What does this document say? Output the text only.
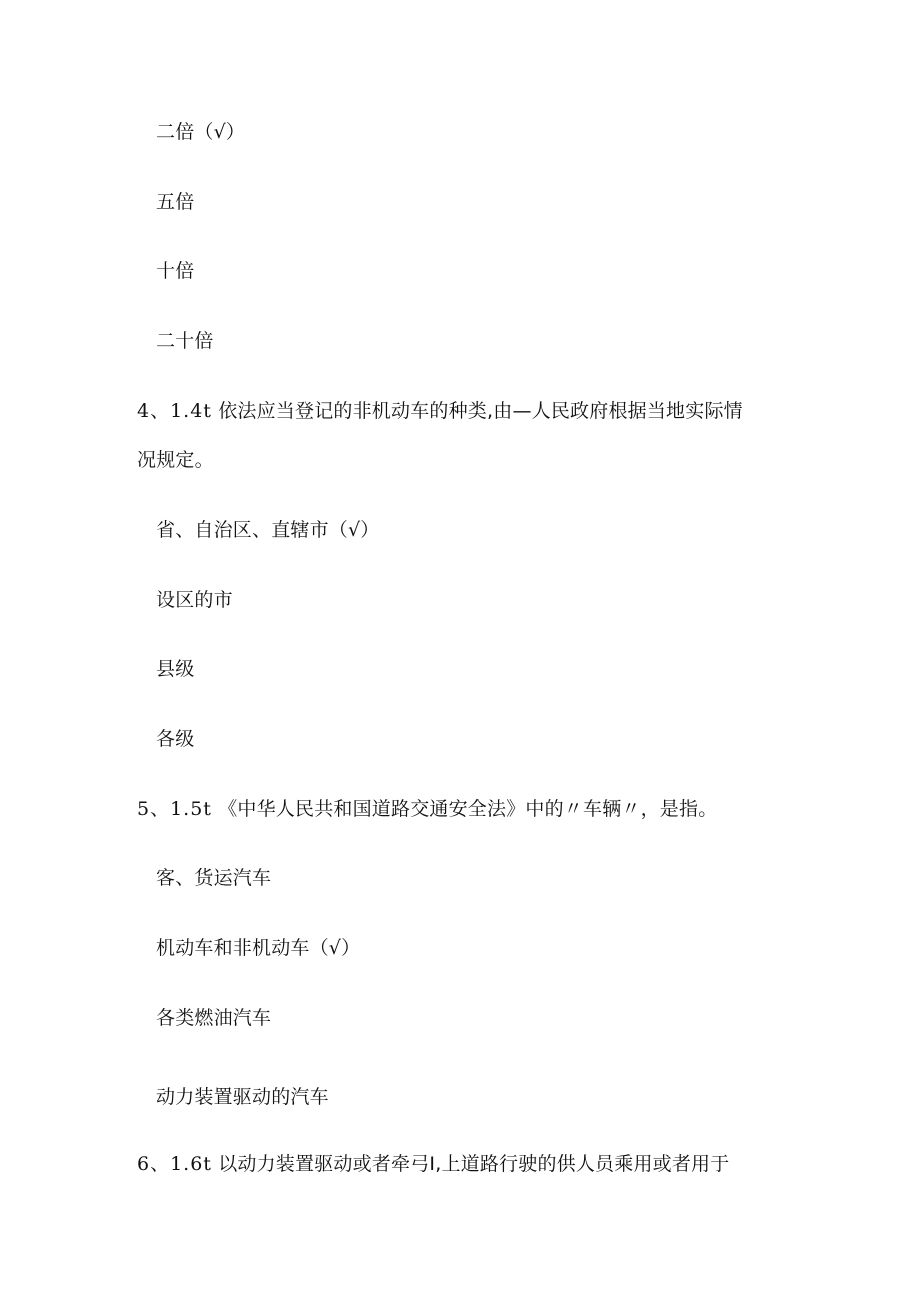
二倍（√）
五倍
十倍
二十倍
4、1.4t 依法应当登记的非机动车的种类,由—人民政府根据当地实际情
况规定。
省、自治区、直辖市（√）
设区的市
县级
各级
5、1.5t 《中华人民共和国道路交通安全法》中的〃车辆〃，是指。
客、货运汽车
机动车和非机动车（√）
各类燃油汽车
动力装置驱动的汽车
6、1.6t 以动力装置驱动或者牵弓I,上道路行驶的供人员乘用或者用于
